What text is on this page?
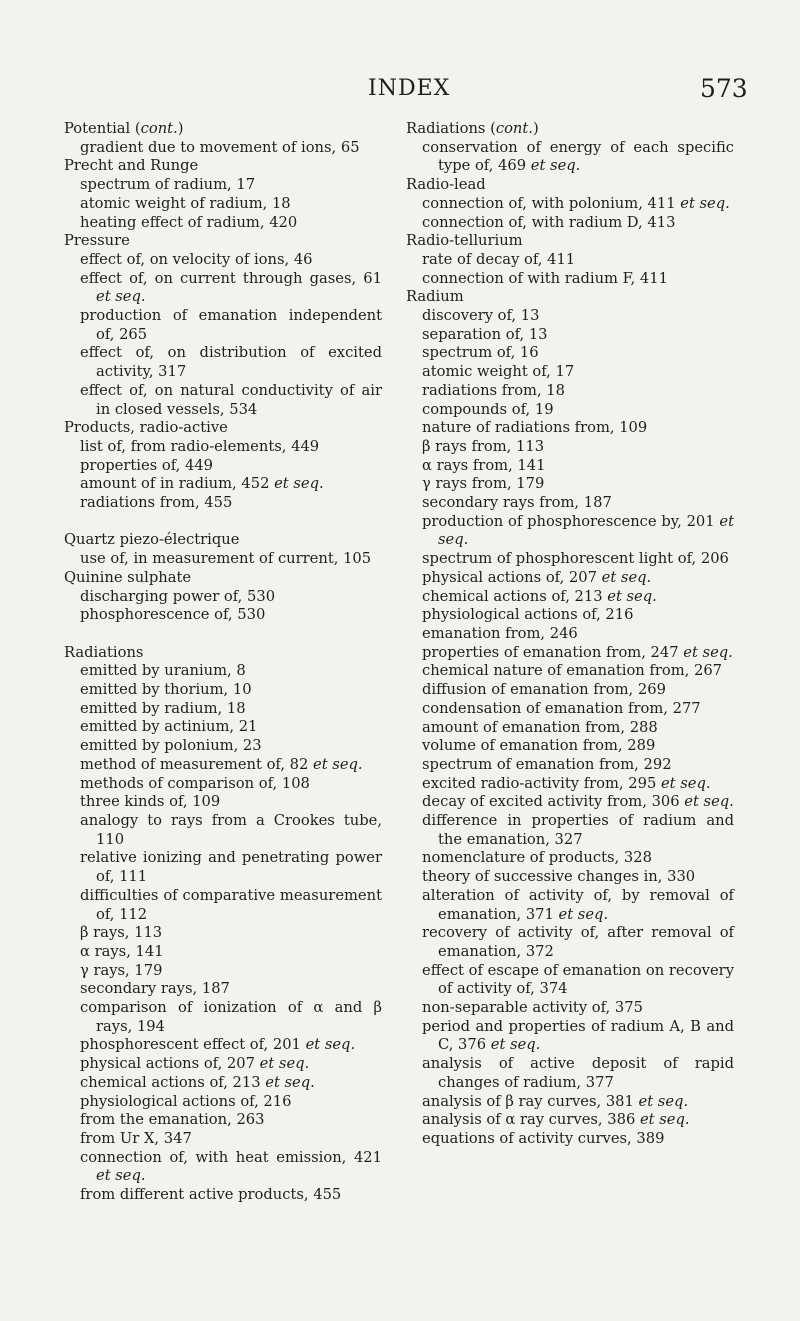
INDEX	573
Potential (cont.)
gradient due to movement of ions, 65
Precht and Runge
spectrum of radium, 17
atomic weight of radium, 18
heating effect of radium, 420
Pressure
effect of, on velocity of ions, 46
effect of, on current through gases, 61 et seq.
production of emanation independent of, 265
effect of, on distribution of excited activity, 317
effect of, on natural conductivity of air in closed vessels, 534
Products, radio-active
list of, from radio-elements, 449
properties of, 449
amount of in radium, 452 et seq.
radiations from, 455
Quartz piezo-électrique
use of, in measurement of current, 105
Quinine sulphate
discharging power of, 530
phosphorescence of, 530
Radiations
emitted by uranium, 8
emitted by thorium, 10
emitted by radium, 18
emitted by actinium, 21
emitted by polonium, 23
method of measurement of, 82 et seq.
methods of comparison of, 108
three kinds of, 109
analogy to rays from a Crookes tube, 110
relative ionizing and penetrating power of, 111
difficulties of comparative measurement of, 112
β rays, 113
α rays, 141
γ rays, 179
secondary rays, 187
comparison of ionization of α and β rays, 194
phosphorescent effect of, 201 et seq.
physical actions of, 207 et seq.
chemical actions of, 213 et seq.
physiological actions of, 216
from the emanation, 263
from Ur X, 347
connection of, with heat emission, 421 et seq.
from different active products, 455
Radiations (cont.)
conservation of energy of each specific type of, 469 et seq.
Radio-lead
connection of, with polonium, 411 et seq.
connection of, with radium D, 413
Radio-tellurium
rate of decay of, 411
connection of with radium F, 411
Radium
discovery of, 13
separation of, 13
spectrum of, 16
atomic weight of, 17
radiations from, 18
compounds of, 19
nature of radiations from, 109
β rays from, 113
α rays from, 141
γ rays from, 179
secondary rays from, 187
production of phosphorescence by, 201 et seq.
spectrum of phosphorescent light of, 206
physical actions of, 207 et seq.
chemical actions of, 213 et seq.
physiological actions of, 216
emanation from, 246
properties of emanation from, 247 et seq.
chemical nature of emanation from, 267
diffusion of emanation from, 269
condensation of emanation from, 277
amount of emanation from, 288
volume of emanation from, 289
spectrum of emanation from, 292
excited radio-activity from, 295 et seq.
decay of excited activity from, 306 et seq.
difference in properties of radium and the emanation, 327
nomenclature of products, 328
theory of successive changes in, 330
alteration of activity of, by removal of emanation, 371 et seq.
recovery of activity of, after removal of emanation, 372
effect of escape of emanation on recovery of activity of, 374
non-separable activity of, 375
period and properties of radium A, B and C, 376 et seq.
analysis of active deposit of rapid changes of radium, 377
analysis of β ray curves, 381 et seq.
analysis of α ray curves, 386 et seq.
equations of activity curves, 389
